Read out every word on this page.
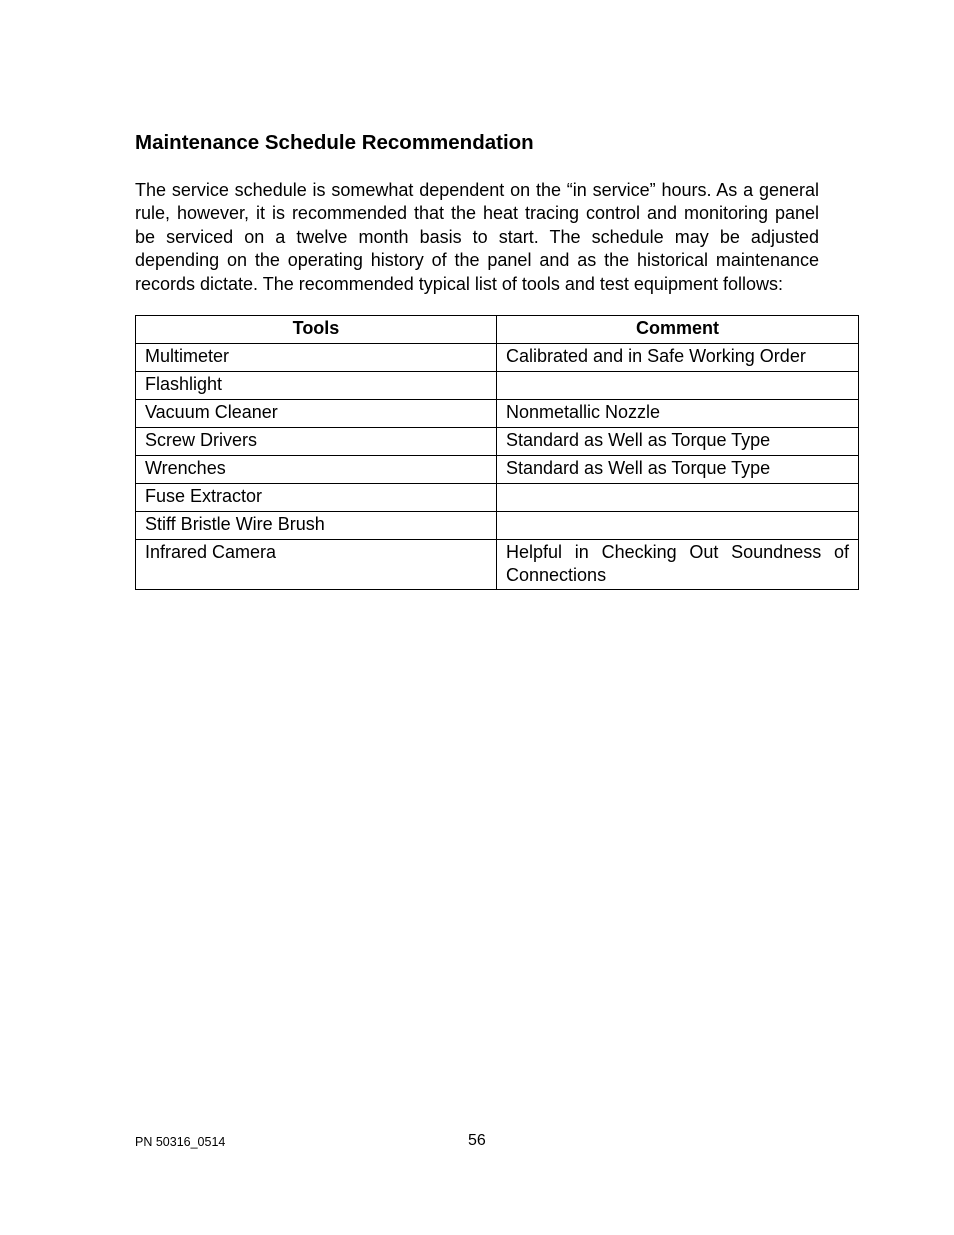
Maintenance Schedule Recommendation

The service schedule is somewhat dependent on the “in service” hours. As a general rule, however, it is recommended that the heat tracing control and monitoring panel be serviced on a twelve month basis to start. The schedule may be adjusted depending on the operating history of the panel and as the historical maintenance records dictate. The recommended typical list of tools and test equipment follows:

Tools	Comment
Multimeter	Calibrated and in Safe Working Order
Flashlight	
Vacuum Cleaner	Nonmetallic Nozzle
Screw Drivers	Standard as Well as Torque Type
Wrenches	Standard as Well as Torque Type
Fuse Extractor	
Stiff Bristle Wire Brush	
Infrared Camera	Helpful in Checking Out Soundness of Connections
PN 50316_0514	56
